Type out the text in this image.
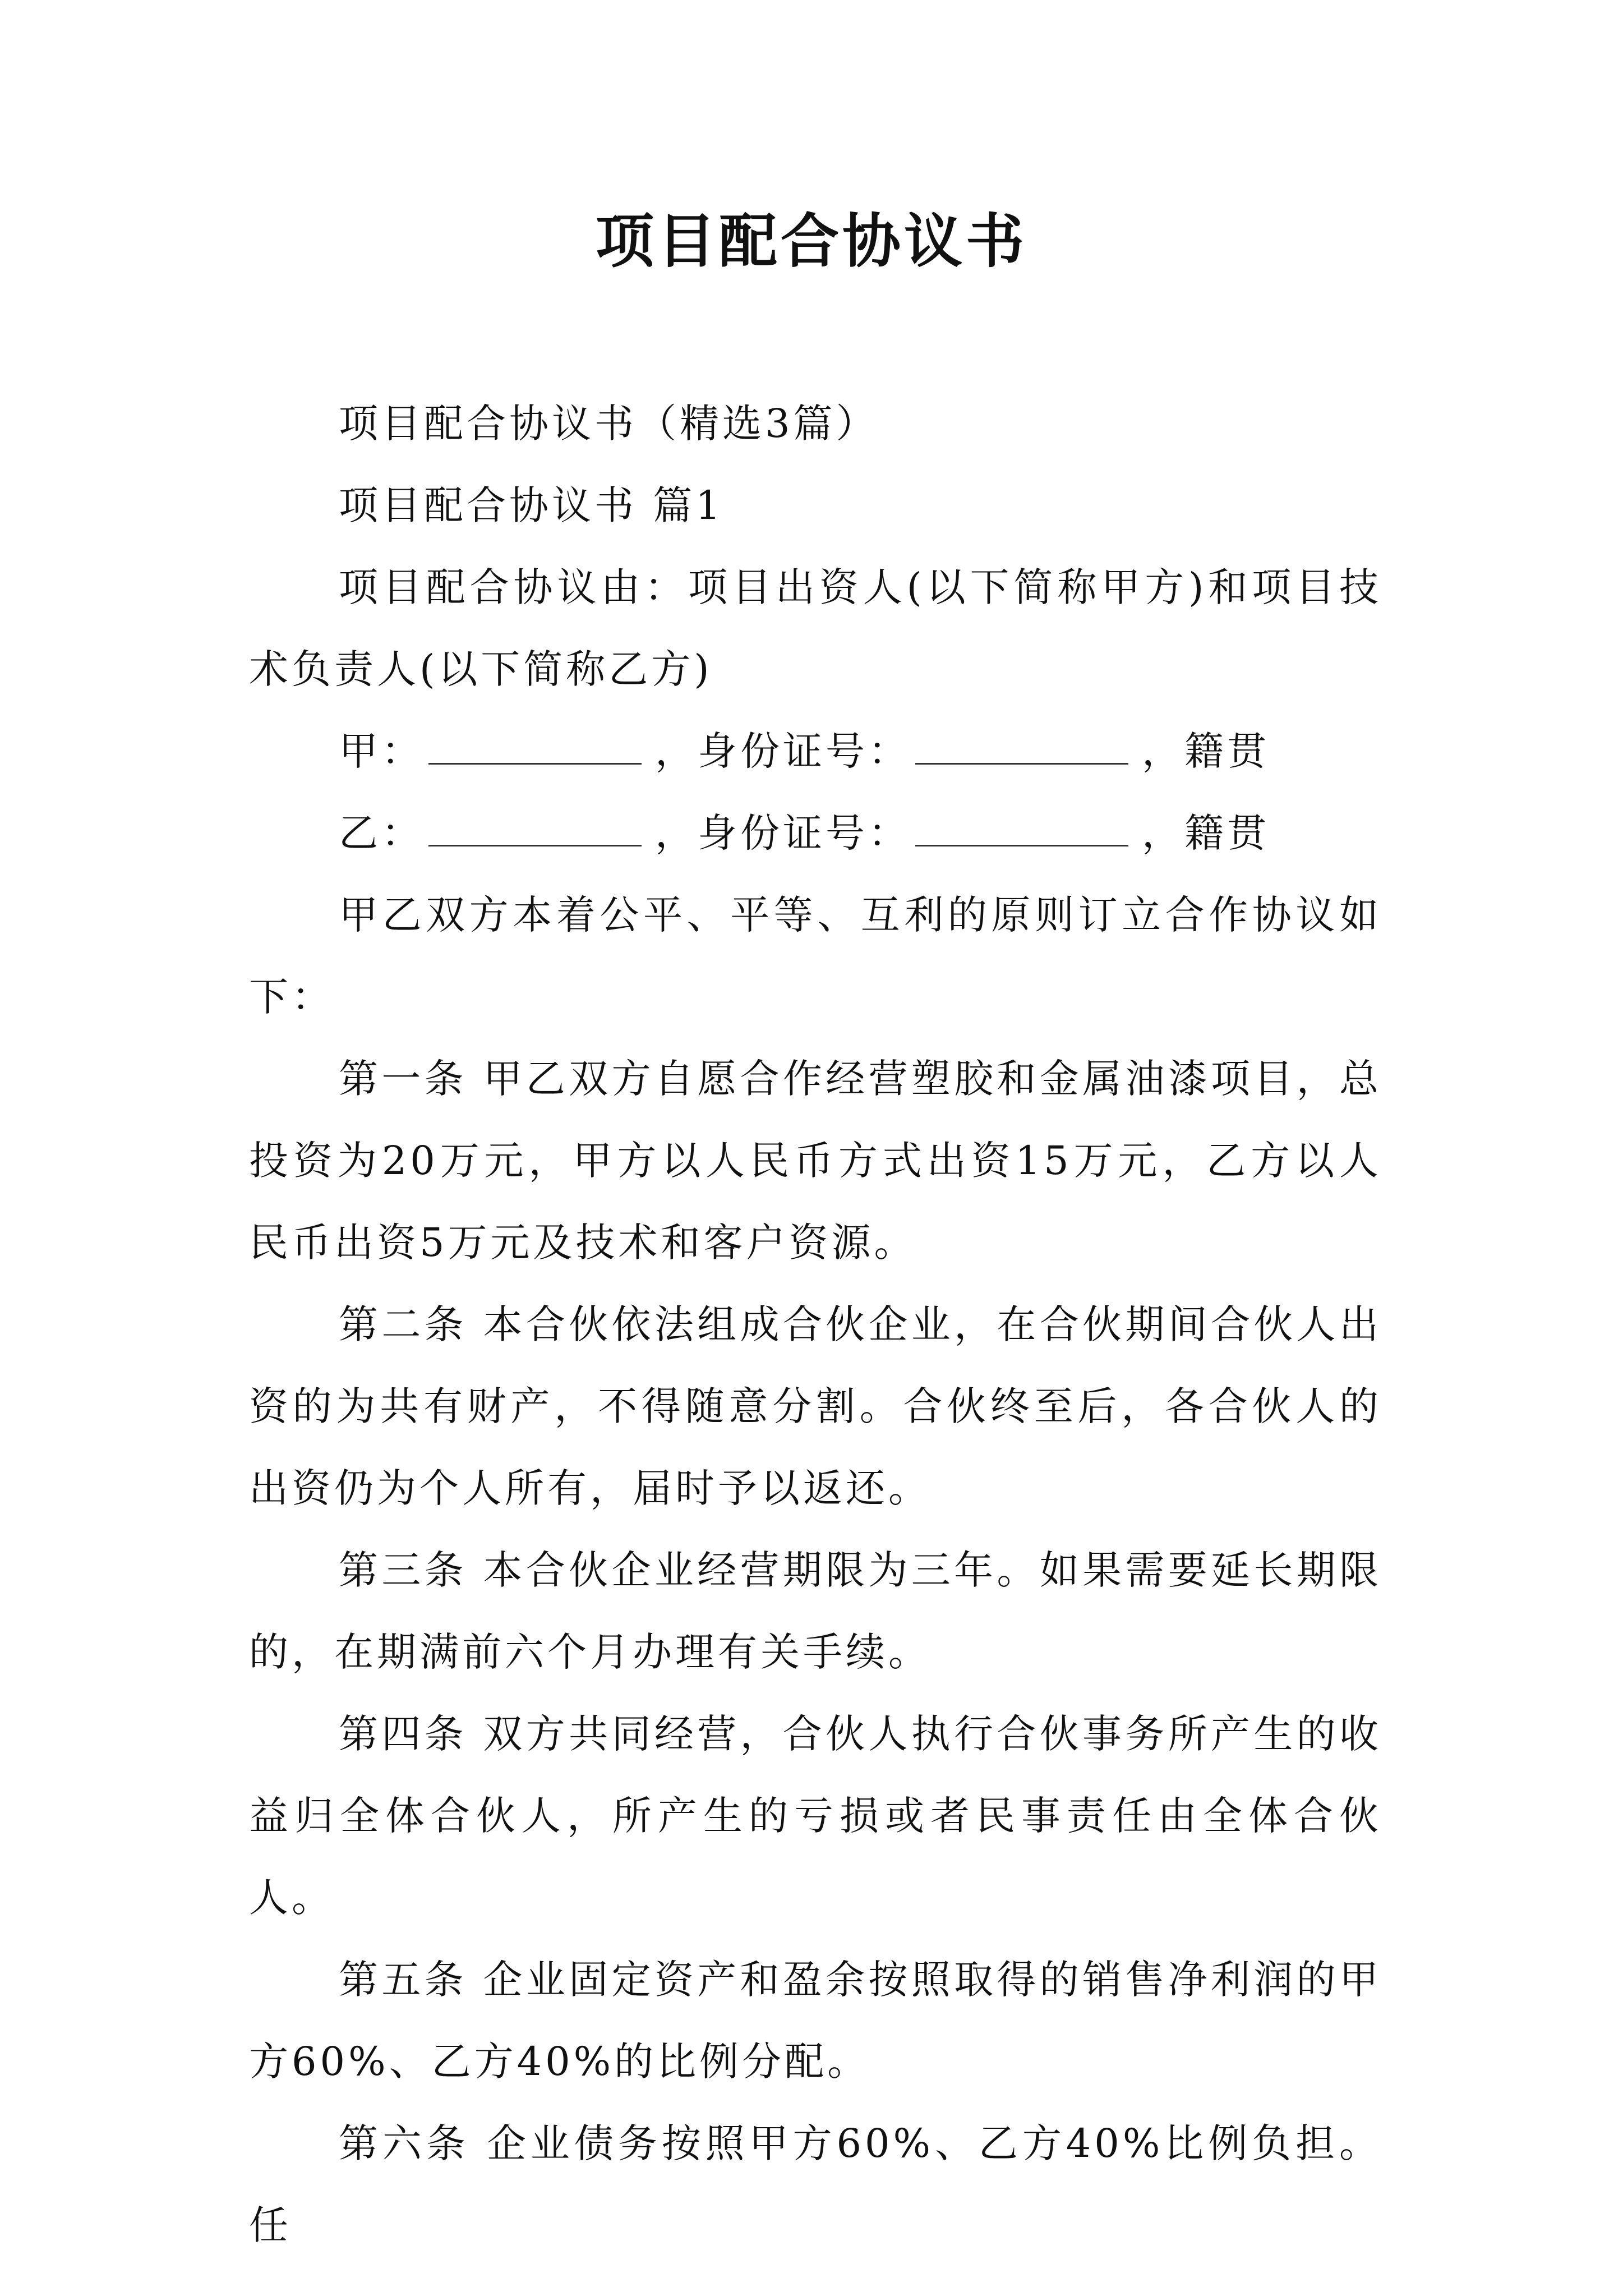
项目配合协议书

项目配合协议书（精选3篇）

项目配合协议书 篇1

项目配合协议由：项目出资人(以下简称甲方)和项目技术负责人(以下简称乙方)

甲：	，身份证号：	，籍贯

乙：	，身份证号：	，籍贯

甲乙双方本着公平、平等、互利的原则订立合作协议如下：

第一条 甲乙双方自愿合作经营塑胶和金属油漆项目，总投资为20万元，甲方以人民币方式出资15万元，乙方以人民币出资5万元及技术和客户资源。

第二条 本合伙依法组成合伙企业，在合伙期间合伙人出资的为共有财产，不得随意分割。合伙终至后，各合伙人的出资仍为个人所有，届时予以返还。

第三条 本合伙企业经营期限为三年。如果需要延长期限的，在期满前六个月办理有关手续。

第四条 双方共同经营，合伙人执行合伙事务所产生的收益归全体合伙人，所产生的亏损或者民事责任由全体合伙人。

第五条 企业固定资产和盈余按照取得的销售净利润的甲方60%、乙方40%的比例分配。

第六条 企业债务按照甲方60%、乙方40%比例负担。任
